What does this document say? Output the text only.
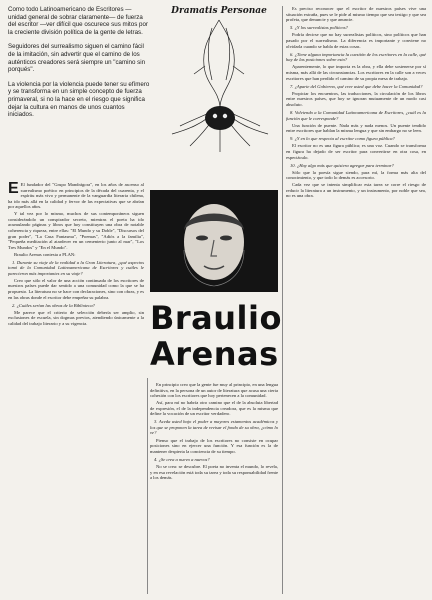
Como todo Latinoamericano de Escritores —unidad general de sobrar claramente— de fuerza del escritor —ver difícil que oscurece sus mitos por la creciente división política de la gente de letras.

Seguidores del surrealismo siguen el camino fácil de la imitación, sin advertir que el camino de los auténticos creadores será siempre un "camino sin porqués".

La violencia por la violencia puede tener su efímero y se transforma en un simple concepto de fuerza primaveral, si no la hace en el riesgo que significa dejar la cultura en manos de unos cuantos iniciados.

Dramatis Personae
Braulio
Arenas

E El fundador del "Grupo Mandrágora", en los años de ascenso al surrealismo poético en principios de la década del cuarenta, y el espíritu más vivo y permanente de la vanguardia literaria chilena, ha ido más allá en la calidad y fervor de las expectativas que se abrían por aquellos años.

Y tal vez por lo mismo, muchos de sus contemporáneos siguen considerándolo un conspirador secreto, mientras el poeta ha ido acumulando páginas y libros que hoy constituyen una obra de notable coherencia y riqueza, entre ellas: "El Mundo y su Doble", "Discursos del gran poder", "La Casa Fantasma", "Poemas", "Adiós a la familia", "Pequeña meditación al atardecer en un cementerio junto al mar", "Los Tres Mundos" y "En el Mundo".

Braulio Arenas contesta a PLAN:

1. Durante su viaje de la realidad a la Gran Literatura, ¿qué aspectos tomó de la Comunidad Latinoamericana de Escritores y cuáles le parecieron más importantes en su viaje?

Creo que sólo el valor de una acción continuada de los escritores de nuestros países puede dar sentido a una comunidad como la que se ha propuesto. La literatura no se hace con declaraciones, sino con obras, y es en las obras donde el escritor debe empeñar su palabra.

2. ¿Cuáles serían las obras de la Biblioteca?

Me parece que el criterio de selección debería ser amplio, sin exclusiones de escuela, sin dogmas previos, atendiendo únicamente a la calidad del trabajo literario y a su vigencia.

En principio creo que la gente fue muy al principio, en una lengua definitiva, en la persona de un autor de literatura que acusa una cierta cohesión con los escritores que hoy pertenecen a la comunidad.

Así, para mí no habría otro camino que el de la absoluta libertad de expresión, el de la independencia creadora, que es la misma que define la vocación de un escritor verdadero.

3. Aceda usted bajo el poder a mayores estamentos académicos y los que se proponen la tarea de revisar el fondo de su obra, ¿cómo lo ve?

Pienso que el trabajo de los escritores no consiste en ocupar posiciones sino en ejercer una función. Y esa función es la de mantener despierta la conciencia de su tiempo.

4. ¿Se crea a nuevo a nuevos?

No se crea: se descubre. El poeta no inventa el mundo, lo revela, y en esa revelación está toda su tarea y toda su responsabilidad frente a los demás.

Es preciso reconocer que el escritor de nuestros países vive una situación extraña, pues se le pide al mismo tiempo que sea testigo y que sea profeta, que denuncie y que anuncie.

5. ¿Y los surrealistas políticos?

Podría decirse que no hay surrealistas políticos, sino políticos que han pasado por el surrealismo. La diferencia es importante y conviene no olvidarla cuando se habla de estas cosas.

6. ¿Tiene alguna importancia la cuestión de los escritores en la calle, qué hay de las posiciones sobre esto?

Aparentemente, lo que importa es la obra, y ella debe sostenerse por sí misma, más allá de las circunstancias. Los escritores en la calle son a veces escritores que han perdido el camino de su propia mesa de trabajo.

7. ¿Aparte del Gobierno, qué cree usted que debe hacer la Comunidad?

Propiciar los encuentros, las traducciones, la circulación de los libros entre nuestros países, que hoy se ignoran mutuamente de un modo casi absoluto.

8. Volviendo a la Comunidad Latinoamericana de Escritores, ¿cuál es la función que le corresponde?

Una función de puente. Nada más y nada menos. Un puente tendido entre escritores que hablan la misma lengua y que sin embargo no se leen.

9. ¿Y en lo que respecta al escritor como figura pública?

El escritor no es una figura pública; es una voz. Cuando se transforma en figura ha dejado de ser escritor para convertirse en otra cosa, en espectáculo.

10. ¿Hay algo más que quisiera agregar para terminar?

Sólo que la poesía sigue siendo, para mí, la forma más alta del conocimiento, y que todo lo demás es accesorio.

Cada vez que se intenta simplificar esta tarea se corre el riesgo de reducir la literatura a un instrumento, y un instrumento, por noble que sea, no es una obra.
